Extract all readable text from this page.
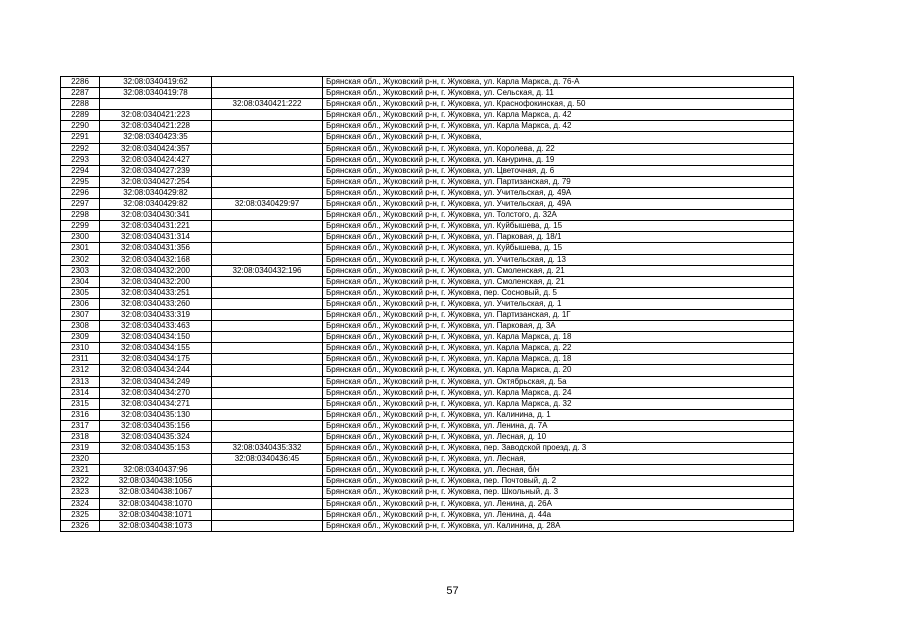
2286	32:08:0340419:62		Брянская обл., Жуковский р-н, г. Жуковка, ул. Карла Маркса, д. 76-А
2287	32:08:0340419:78		Брянская обл., Жуковский р-н, г. Жуковка, ул. Сельская, д. 11
2288		32:08:0340421:222	Брянская обл., Жуковский р-н, г. Жуковка, ул. Краснофокинская, д. 50
2289	32:08:0340421:223		Брянская обл., Жуковский р-н, г. Жуковка, ул. Карла Маркса, д. 42
2290	32:08:0340421:228		Брянская обл., Жуковский р-н, г. Жуковка, ул. Карла Маркса, д. 42
2291	32:08:0340423:35		Брянская обл., Жуковский р-н, г. Жуковка,
2292	32:08:0340424:357		Брянская обл., Жуковский р-н, г. Жуковка, ул. Королева, д. 22
2293	32:08:0340424:427		Брянская обл., Жуковский р-н, г. Жуковка, ул. Канурина, д. 19
2294	32:08:0340427:239		Брянская обл., Жуковский р-н, г. Жуковка, ул. Цветочная, д. 6
2295	32:08:0340427:254		Брянская обл., Жуковский р-н, г. Жуковка, ул. Партизанская, д. 79
2296	32:08:0340429:82		Брянская обл., Жуковский р-н, г. Жуковка, ул. Учительская, д. 49А
2297	32:08:0340429:82	32:08:0340429:97	Брянская обл., Жуковский р-н, г. Жуковка, ул. Учительская, д. 49А
2298	32:08:0340430:341		Брянская обл., Жуковский р-н, г. Жуковка, ул. Толстого, д. 32А
2299	32:08:0340431:221		Брянская обл., Жуковский р-н, г. Жуковка, ул. Куйбышева, д. 15
2300	32:08:0340431:314		Брянская обл., Жуковский р-н, г. Жуковка, ул. Парковая, д. 18/1
2301	32:08:0340431:356		Брянская обл., Жуковский р-н, г. Жуковка, ул. Куйбышева, д. 15
2302	32:08:0340432:168		Брянская обл., Жуковский р-н, г. Жуковка, ул. Учительская, д. 13
2303	32:08:0340432:200	32:08:0340432:196	Брянская обл., Жуковский р-н, г. Жуковка, ул. Смоленская, д. 21
2304	32:08:0340432:200		Брянская обл., Жуковский р-н, г. Жуковка, ул. Смоленская, д. 21
2305	32:08:0340433:251		Брянская обл., Жуковский р-н, г. Жуковка, пер. Сосновый, д. 5
2306	32:08:0340433:260		Брянская обл., Жуковский р-н, г. Жуковка, ул. Учительская, д. 1
2307	32:08:0340433:319		Брянская обл., Жуковский р-н, г. Жуковка, ул. Партизанская, д. 1Г
2308	32:08:0340433:463		Брянская обл., Жуковский р-н, г. Жуковка, ул. Парковая, д. 3А
2309	32:08:0340434:150		Брянская обл., Жуковский р-н, г. Жуковка, ул. Карла Маркса, д. 18
2310	32:08:0340434:155		Брянская обл., Жуковский р-н, г. Жуковка, ул. Карла Маркса, д. 22
2311	32:08:0340434:175		Брянская обл., Жуковский р-н, г. Жуковка, ул. Карла Маркса, д. 18
2312	32:08:0340434:244		Брянская обл., Жуковский р-н, г. Жуковка, ул. Карла Маркса, д. 20
2313	32:08:0340434:249		Брянская обл., Жуковский р-н, г. Жуковка, ул. Октябрьская, д. 5а
2314	32:08:0340434:270		Брянская обл., Жуковский р-н, г. Жуковка, ул. Карла Маркса, д. 24
2315	32:08:0340434:271		Брянская обл., Жуковский р-н, г. Жуковка, ул. Карла Маркса, д. 32
2316	32:08:0340435:130		Брянская обл., Жуковский р-н, г. Жуковка, ул. Калинина, д. 1
2317	32:08:0340435:156		Брянская обл., Жуковский р-н, г. Жуковка, ул. Ленина, д. 7А
2318	32:08:0340435:324		Брянская обл., Жуковский р-н, г. Жуковка, ул. Лесная, д. 10
2319	32:08:0340435:153	32:08:0340435:332	Брянская обл., Жуковский р-н, г. Жуковка, пер. Заводской проезд, д. 3
2320		32:08:0340436:45	Брянская обл., Жуковский р-н, г. Жуковка, ул. Лесная,
2321	32:08:0340437:96		Брянская обл., Жуковский р-н, г. Жуковка, ул. Лесная, б/н
2322	32:08:0340438:1056		Брянская обл., Жуковский р-н, г. Жуковка, пер. Почтовый, д. 2
2323	32:08:0340438:1067		Брянская обл., Жуковский р-н, г. Жуковка, пер. Школьный, д. 3
2324	32:08:0340438:1070		Брянская обл., Жуковский р-н, г. Жуковка, ул. Ленина, д. 26А
2325	32:08:0340438:1071		Брянская обл., Жуковский р-н, г. Жуковка, ул. Ленина, д. 44а
2326	32:08:0340438:1073		Брянская обл., Жуковский р-н, г. Жуковка, ул. Калинина, д. 28А
57
